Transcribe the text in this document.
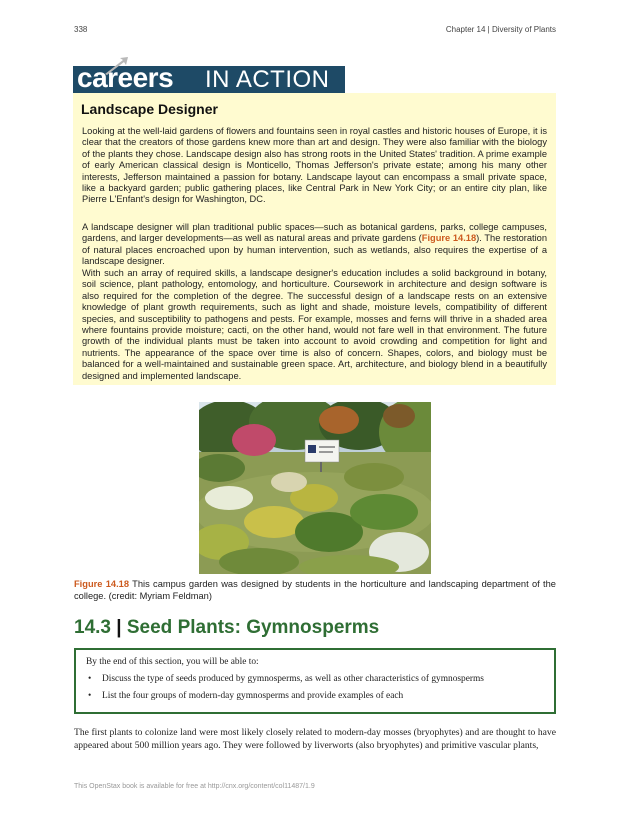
338	Chapter 14 | Diversity of Plants
careers IN ACTION
Landscape Designer
Looking at the well-laid gardens of flowers and fountains seen in royal castles and historic houses of Europe, it is clear that the creators of those gardens knew more than art and design. They were also familiar with the biology of the plants they chose. Landscape design also has strong roots in the United States' tradition. A prime example of early American classical design is Monticello, Thomas Jefferson's private estate; among his many other interests, Jefferson maintained a passion for botany. Landscape layout can encompass a small private space, like a backyard garden; public gathering places, like Central Park in New York City; or an entire city plan, like Pierre L'Enfant's design for Washington, DC.
A landscape designer will plan traditional public spaces—such as botanical gardens, parks, college campuses, gardens, and larger developments—as well as natural areas and private gardens (Figure 14.18). The restoration of natural places encroached upon by human intervention, such as wetlands, also requires the expertise of a landscape designer.
With such an array of required skills, a landscape designer's education includes a solid background in botany, soil science, plant pathology, entomology, and horticulture. Coursework in architecture and design software is also required for the completion of the degree. The successful design of a landscape rests on an extensive knowledge of plant growth requirements, such as light and shade, moisture levels, compatibility of different species, and susceptibility to pathogens and pests. For example, mosses and ferns will thrive in a shaded area where fountains provide moisture; cacti, on the other hand, would not fare well in that environment. The future growth of the individual plants must be taken into account to avoid crowding and competition for light and nutrients. The appearance of the space over time is also of concern. Shapes, colors, and biology must be balanced for a well-maintained and sustainable green space. Art, architecture, and biology blend in a beautifully designed and implemented landscape.
Figure 14.18 This campus garden was designed by students in the horticulture and landscaping department of the college. (credit: Myriam Feldman)
14.3 | Seed Plants: Gymnosperms
By the end of this section, you will be able to:
• Discuss the type of seeds produced by gymnosperms, as well as other characteristics of gymnosperms
• List the four groups of modern-day gymnosperms and provide examples of each
The first plants to colonize land were most likely closely related to modern-day mosses (bryophytes) and are thought to have appeared about 500 million years ago. They were followed by liverworts (also bryophytes) and primitive vascular plants,
This OpenStax book is available for free at http://cnx.org/content/col11487/1.9
